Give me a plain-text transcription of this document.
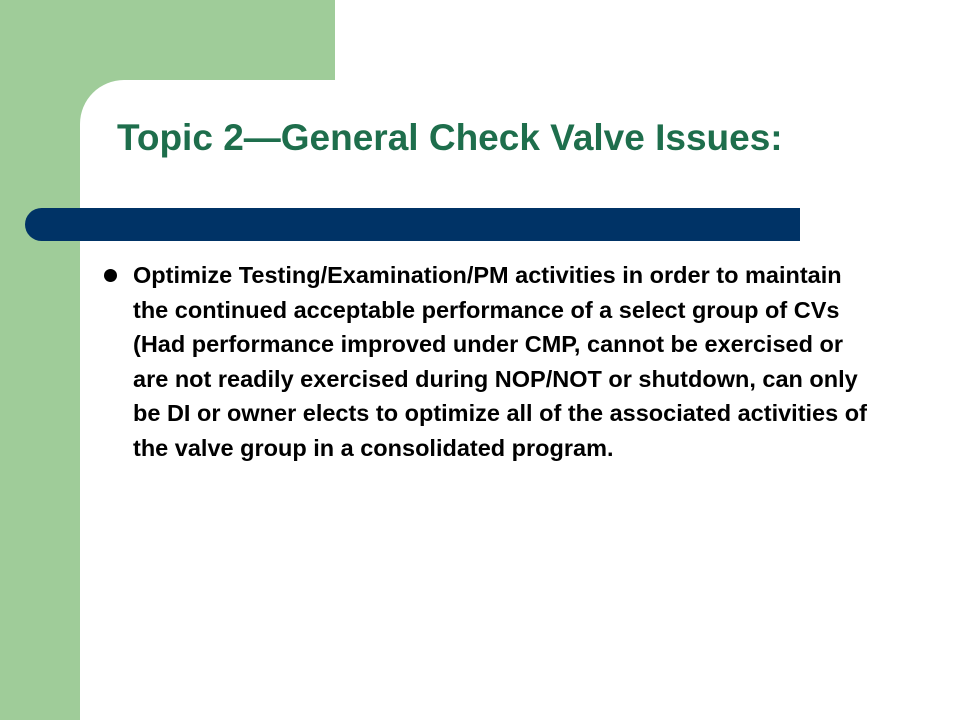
Topic 2—General Check Valve Issues:
Optimize Testing/Examination/PM activities in order to maintain the continued acceptable performance of a select group of CVs (Had performance improved under CMP, cannot be exercised or are not readily exercised during NOP/NOT or shutdown, can only be DI or owner elects to optimize all of the associated activities of the valve group in a consolidated program.
